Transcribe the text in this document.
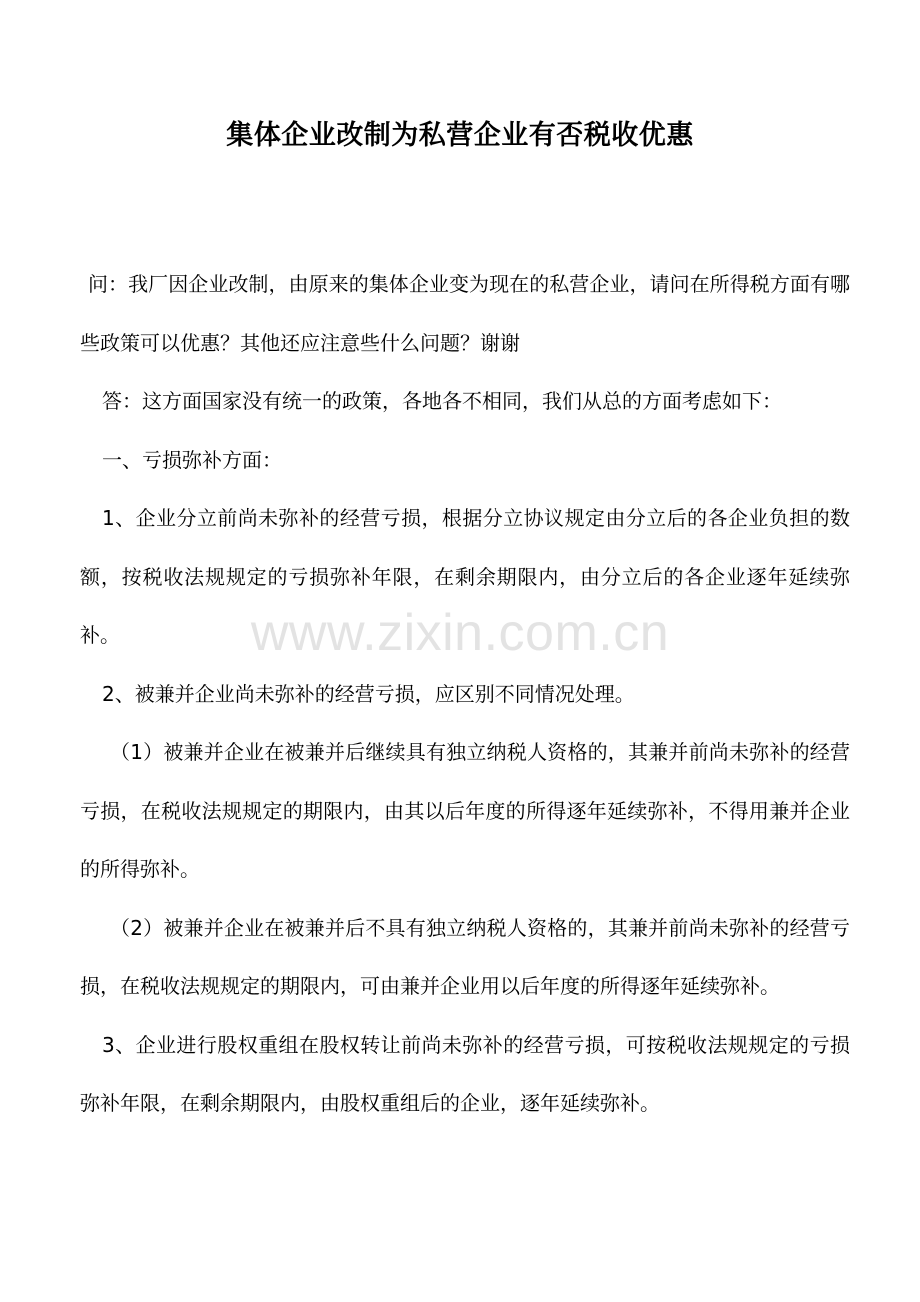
www.zixin.com.cn
集体企业改制为私营企业有否税收优惠

问：我厂因企业改制，由原来的集体企业变为现在的私营企业，请问在所得税方面有哪些政策可以优惠？其他还应注意些什么问题？谢谢

答：这方面国家没有统一的政策，各地各不相同，我们从总的方面考虑如下：

一、亏损弥补方面：

1、企业分立前尚未弥补的经营亏损，根据分立协议规定由分立后的各企业负担的数额，按税收法规规定的亏损弥补年限，在剩余期限内，由分立后的各企业逐年延续弥补。

2、被兼并企业尚未弥补的经营亏损，应区别不同情况处理。

（1）被兼并企业在被兼并后继续具有独立纳税人资格的，其兼并前尚未弥补的经营亏损，在税收法规规定的期限内，由其以后年度的所得逐年延续弥补，不得用兼并企业的所得弥补。

（2）被兼并企业在被兼并后不具有独立纳税人资格的，其兼并前尚未弥补的经营亏损，在税收法规规定的期限内，可由兼并企业用以后年度的所得逐年延续弥补。

3、企业进行股权重组在股权转让前尚未弥补的经营亏损，可按税收法规规定的亏损弥补年限，在剩余期限内，由股权重组后的企业，逐年延续弥补。
